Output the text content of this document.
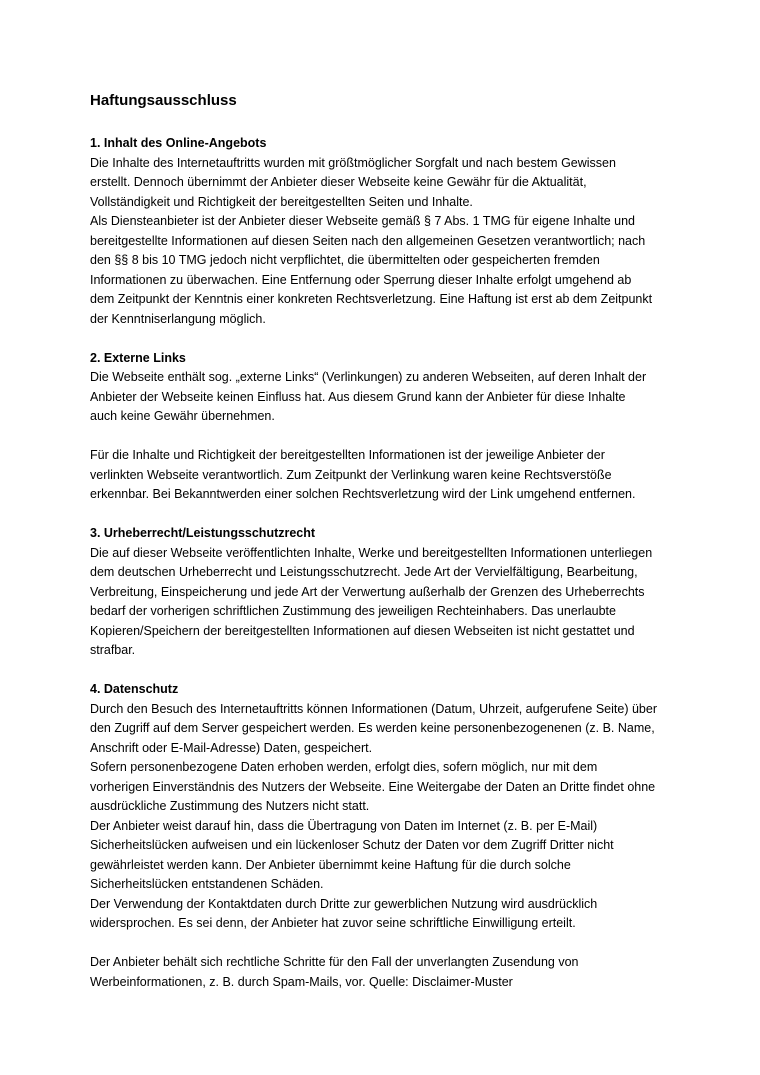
Haftungsausschluss
1. Inhalt des Online-Angebots

Die Inhalte des Internetauftritts wurden mit größtmöglicher Sorgfalt und nach bestem Gewissen
erstellt. Dennoch übernimmt der Anbieter dieser Webseite keine Gewähr für die Aktualität,
Vollständigkeit und Richtigkeit der bereitgestellten Seiten und Inhalte.

Als Diensteanbieter ist der Anbieter dieser Webseite gemäß § 7 Abs. 1 TMG für eigene Inhalte und
bereitgestellte Informationen auf diesen Seiten nach den allgemeinen Gesetzen verantwortlich; nach
den §§ 8 bis 10 TMG jedoch nicht verpflichtet, die übermittelten oder gespeicherten fremden
Informationen zu überwachen. Eine Entfernung oder Sperrung dieser Inhalte erfolgt umgehend ab
dem Zeitpunkt der Kenntnis einer konkreten Rechtsverletzung. Eine Haftung ist erst ab dem Zeitpunkt
der Kenntniserlangung möglich.

2. Externe Links

Die Webseite enthält sog. „externe Links“ (Verlinkungen) zu anderen Webseiten, auf deren Inhalt der
Anbieter der Webseite keinen Einfluss hat. Aus diesem Grund kann der Anbieter für diese Inhalte
auch keine Gewähr übernehmen.

Für die Inhalte und Richtigkeit der bereitgestellten Informationen ist der jeweilige Anbieter der
verlinkten Webseite verantwortlich. Zum Zeitpunkt der Verlinkung waren keine Rechtsverstöße
erkennbar. Bei Bekanntwerden einer solchen Rechtsverletzung wird der Link umgehend entfernen.

3. Urheberrecht/Leistungsschutzrecht

Die auf dieser Webseite veröffentlichten Inhalte, Werke und bereitgestellten Informationen unterliegen
dem deutschen Urheberrecht und Leistungsschutzrecht. Jede Art der Vervielfältigung, Bearbeitung,
Verbreitung, Einspeicherung und jede Art der Verwertung außerhalb der Grenzen des Urheberrechts
bedarf der vorherigen schriftlichen Zustimmung des jeweiligen Rechteinhabers. Das unerlaubte
Kopieren/Speichern der bereitgestellten Informationen auf diesen Webseiten ist nicht gestattet und
strafbar.

4. Datenschutz

Durch den Besuch des Internetauftritts können Informationen (Datum, Uhrzeit, aufgerufene Seite) über
den Zugriff auf dem Server gespeichert werden. Es werden keine personenbezogenenen (z. B. Name,
Anschrift oder E-Mail-Adresse) Daten, gespeichert.

Sofern personenbezogene Daten erhoben werden, erfolgt dies, sofern möglich, nur mit dem
vorherigen Einverständnis des Nutzers der Webseite. Eine Weitergabe der Daten an Dritte findet ohne
ausdrückliche Zustimmung des Nutzers nicht statt.

Der Anbieter weist darauf hin, dass die Übertragung von Daten im Internet (z. B. per E-Mail)
Sicherheitslücken aufweisen und ein lückenloser Schutz der Daten vor dem Zugriff Dritter nicht
gewährleistet werden kann. Der Anbieter übernimmt keine Haftung für die durch solche
Sicherheitslücken entstandenen Schäden.

Der Verwendung der Kontaktdaten durch Dritte zur gewerblichen Nutzung wird ausdrücklich
widersprochen. Es sei denn, der Anbieter hat zuvor seine schriftliche Einwilligung erteilt.

Der Anbieter behält sich rechtliche Schritte für den Fall der unverlangten Zusendung von
Werbeinformationen, z. B. durch Spam-Mails, vor. Quelle: Disclaimer-Muster
